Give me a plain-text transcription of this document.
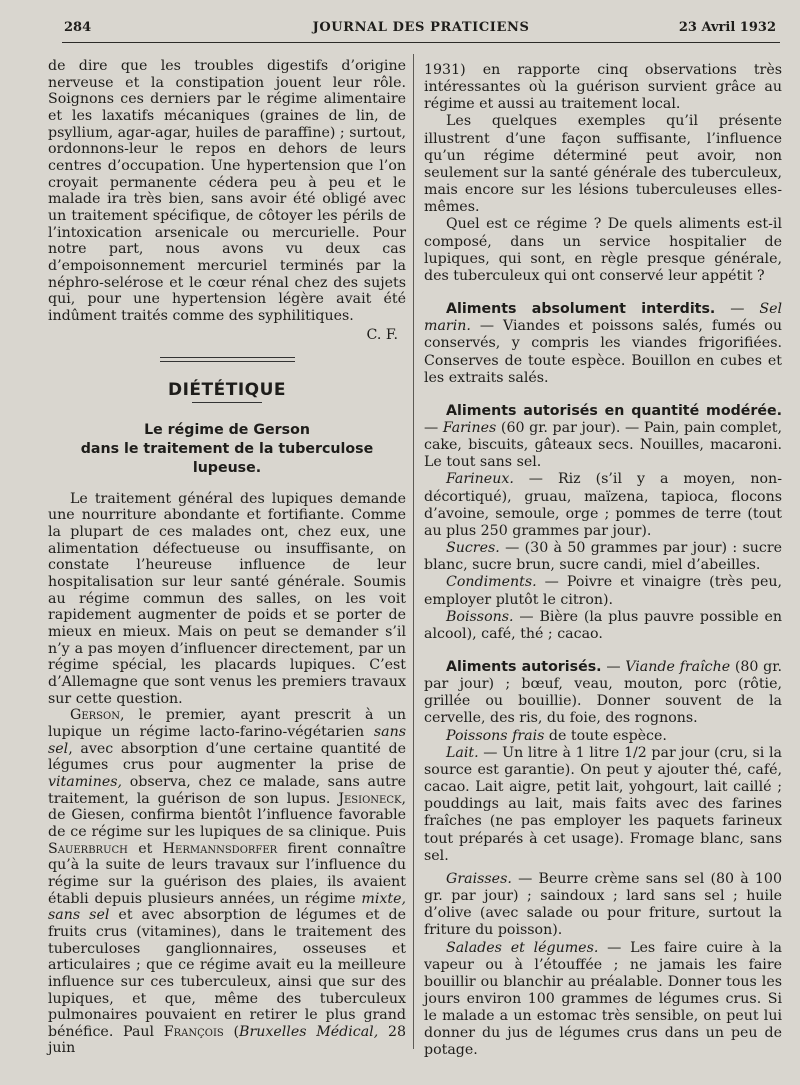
284	JOURNAL DES PRATICIENS	23 Avril 1932

de dire que les troubles digestifs d’origine nerveuse et la constipation jouent leur rôle. Soignons ces derniers par le régime alimentaire et les laxatifs mécaniques (graines de lin, de psyllium, agar-agar, huiles de paraffine) ; surtout, ordonnons-leur le repos en dehors de leurs centres d’occupation. Une hypertension que l’on croyait permanente cédera peu à peu et le malade ira très bien, sans avoir été obligé avec un traitement spécifique, de côtoyer les périls de l’intoxication arsenicale ou mercurielle. Pour notre part, nous avons vu deux cas d’empoisonnement mercuriel terminés par la néphro-selérose et le cœur rénal chez des sujets qui, pour une hypertension légère avait été indûment traités comme des syphilitiques.

C. F.

DIÉTÉTIQUE
Le régime de Gerson
dans le traitement de la tuberculose lupeuse.

Le traitement général des lupiques demande une nourriture abondante et fortifiante. Comme la plupart de ces malades ont, chez eux, une alimentation défectueuse ou insuffisante, on constate l’heureuse influence de leur hospitalisation sur leur santé générale. Soumis au régime commun des salles, on les voit rapidement augmenter de poids et se porter de mieux en mieux. Mais on peut se demander s’il n’y a pas moyen d’influencer directement, par un régime spécial, les placards lupiques. C’est d’Allemagne que sont venus les premiers travaux sur cette question.

Gerson, le premier, ayant prescrit à un lupique un régime lacto-farino-végétarien sans sel, avec absorption d’une certaine quantité de légumes crus pour augmenter la prise de vitamines, observa, chez ce malade, sans autre traitement, la guérison de son lupus. Jesioneck, de Giesen, confirma bientôt l’influence favorable de ce régime sur les lupiques de sa clinique. Puis Sauerbruch et Hermannsdorfer firent connaître qu’à la suite de leurs travaux sur l’influence du régime sur la guérison des plaies, ils avaient établi depuis plusieurs années, un régime mixte, sans sel et avec absorption de légumes et de fruits crus (vitamines), dans le traitement des tuberculoses ganglionnaires, osseuses et articulaires ; que ce régime avait eu la meilleure influence sur ces tuberculeux, ainsi que sur des lupiques, et que, même des tuberculeux pulmonaires pouvaient en retirer le plus grand bénéfice. Paul François (Bruxelles Médical, 28 juin

1931) en rapporte cinq observations très intéressantes où la guérison survient grâce au régime et aussi au traitement local.

Les quelques exemples qu’il présente illustrent d’une façon suffisante, l’influence qu’un régime déterminé peut avoir, non seulement sur la santé générale des tuberculeux, mais encore sur les lésions tuberculeuses elles-mêmes.

Quel est ce régime ? De quels aliments est-il composé, dans un service hospitalier de lupiques, qui sont, en règle presque générale, des tuberculeux qui ont conservé leur appétit ?

Aliments absolument interdits. — Sel marin. — Viandes et poissons salés, fumés ou conservés, y compris les viandes frigorifiées. Conserves de toute espèce. Bouillon en cubes et les extraits salés.

Aliments autorisés en quantité modérée. — Farines (60 gr. par jour). — Pain, pain complet, cake, biscuits, gâteaux secs. Nouilles, macaroni. Le tout sans sel.

Farineux. — Riz (s’il y a moyen, non-décortiqué), gruau, maïzena, tapioca, flocons d’avoine, semoule, orge ; pommes de terre (tout au plus 250 grammes par jour).

Sucres. — (30 à 50 grammes par jour) : sucre blanc, sucre brun, sucre candi, miel d’abeilles.

Condiments. — Poivre et vinaigre (très peu, employer plutôt le citron).

Boissons. — Bière (la plus pauvre possible en alcool), café, thé ; cacao.

Aliments autorisés. — Viande fraîche (80 gr. par jour) ; bœuf, veau, mouton, porc (rôtie, grillée ou bouillie). Donner souvent de la cervelle, des ris, du foie, des rognons.

Poissons frais de toute espèce.

Lait. — Un litre à 1 litre 1/2 par jour (cru, si la source est garantie). On peut y ajouter thé, café, cacao. Lait aigre, petit lait, yohgourt, lait caillé ; pouddings au lait, mais faits avec des farines fraîches (ne pas employer les paquets farineux tout préparés à cet usage). Fromage blanc, sans sel.

Graisses. — Beurre crème sans sel (80 à 100 gr. par jour) ; saindoux ; lard sans sel ; huile d’olive (avec salade ou pour friture, surtout la friture du poisson).

Salades et légumes. — Les faire cuire à la vapeur ou à l’étouffée ; ne jamais les faire bouillir ou blanchir au préalable. Donner tous les jours environ 100 grammes de légumes crus. Si le malade a un estomac très sensible, on peut lui donner du jus de légumes crus dans un peu de potage.
